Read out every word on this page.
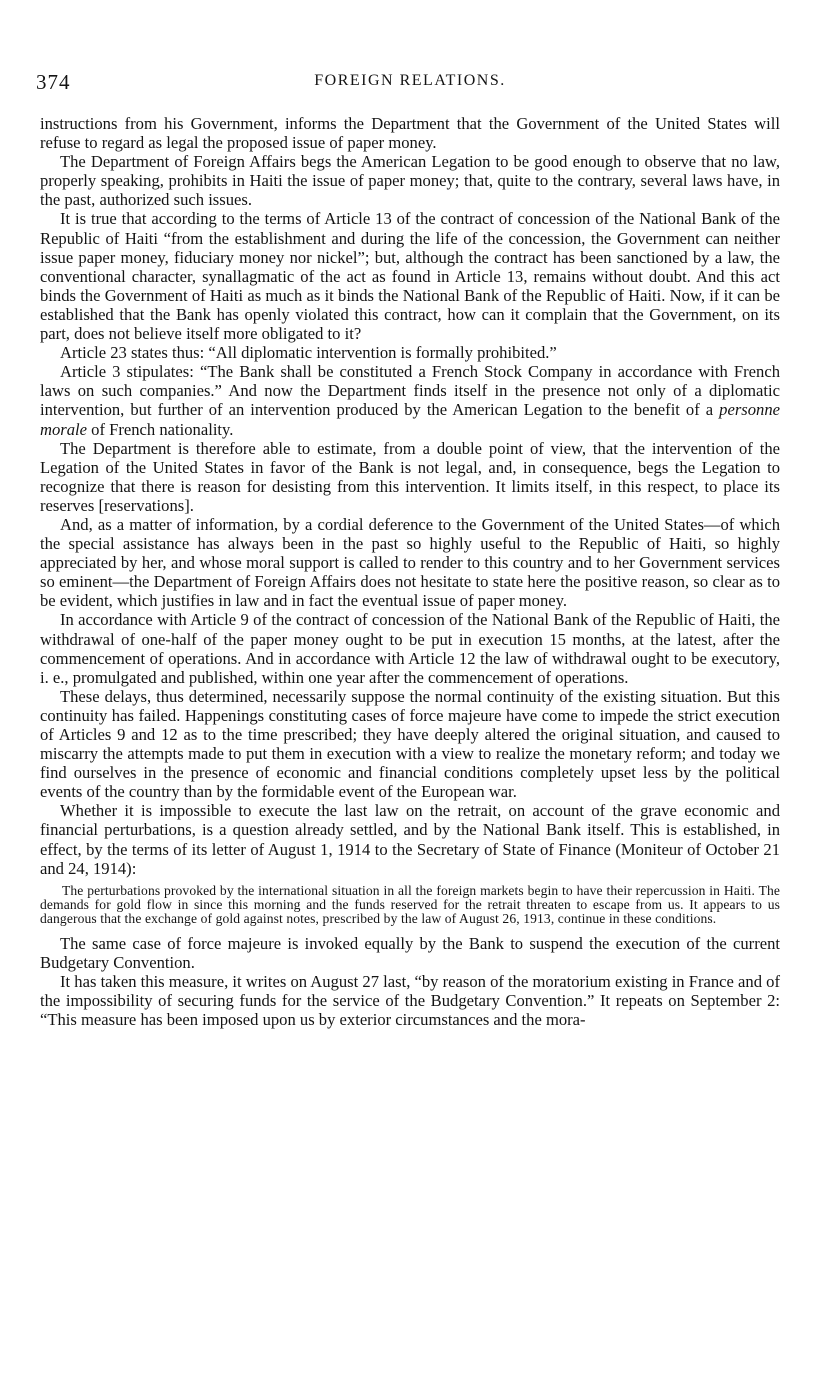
374	FOREIGN RELATIONS.

instructions from his Government, informs the Department that the Government of the United States will refuse to regard as legal the proposed issue of paper money.

The Department of Foreign Affairs begs the American Legation to be good enough to observe that no law, properly speaking, prohibits in Haiti the issue of paper money; that, quite to the contrary, several laws have, in the past, authorized such issues.

It is true that according to the terms of Article 13 of the contract of concession of the National Bank of the Republic of Haiti “from the establishment and during the life of the concession, the Government can neither issue paper money, fiduciary money nor nickel”; but, although the contract has been sanctioned by a law, the conventional character, synallagmatic of the act as found in Article 13, remains without doubt. And this act binds the Government of Haiti as much as it binds the National Bank of the Republic of Haiti. Now, if it can be established that the Bank has openly violated this contract, how can it complain that the Government, on its part, does not believe itself more obligated to it?

Article 23 states thus: “All diplomatic intervention is formally prohibited.”

Article 3 stipulates: “The Bank shall be constituted a French Stock Company in accordance with French laws on such companies.” And now the Department finds itself in the presence not only of a diplomatic intervention, but further of an intervention produced by the American Legation to the benefit of a personne morale of French nationality.

The Department is therefore able to estimate, from a double point of view, that the intervention of the Legation of the United States in favor of the Bank is not legal, and, in consequence, begs the Legation to recognize that there is reason for desisting from this intervention. It limits itself, in this respect, to place its reserves [reservations].

And, as a matter of information, by a cordial deference to the Government of the United States—of which the special assistance has always been in the past so highly useful to the Republic of Haiti, so highly appreciated by her, and whose moral support is called to render to this country and to her Government services so eminent—the Department of Foreign Affairs does not hesitate to state here the positive reason, so clear as to be evident, which justifies in law and in fact the eventual issue of paper money.

In accordance with Article 9 of the contract of concession of the National Bank of the Republic of Haiti, the withdrawal of one-half of the paper money ought to be put in execution 15 months, at the latest, after the commencement of operations. And in accordance with Article 12 the law of withdrawal ought to be executory, i. e., promulgated and published, within one year after the commencement of operations.

These delays, thus determined, necessarily suppose the normal continuity of the existing situation. But this continuity has failed. Happenings constituting cases of force majeure have come to impede the strict execution of Articles 9 and 12 as to the time prescribed; they have deeply altered the original situation, and caused to miscarry the attempts made to put them in execution with a view to realize the monetary reform; and today we find ourselves in the presence of economic and financial conditions completely upset less by the political events of the country than by the formidable event of the European war.

Whether it is impossible to execute the last law on the retrait, on account of the grave economic and financial perturbations, is a question already settled, and by the National Bank itself. This is established, in effect, by the terms of its letter of August 1, 1914 to the Secretary of State of Finance (Moniteur of October 21 and 24, 1914):

The perturbations provoked by the international situation in all the foreign markets begin to have their repercussion in Haiti. The demands for gold flow in since this morning and the funds reserved for the retrait threaten to escape from us. It appears to us dangerous that the exchange of gold against notes, prescribed by the law of August 26, 1913, continue in these conditions.

The same case of force majeure is invoked equally by the Bank to suspend the execution of the current Budgetary Convention.

It has taken this measure, it writes on August 27 last, “by reason of the moratorium existing in France and of the impossibility of securing funds for the service of the Budgetary Convention.” It repeats on September 2: “This measure has been imposed upon us by exterior circumstances and the mora-
